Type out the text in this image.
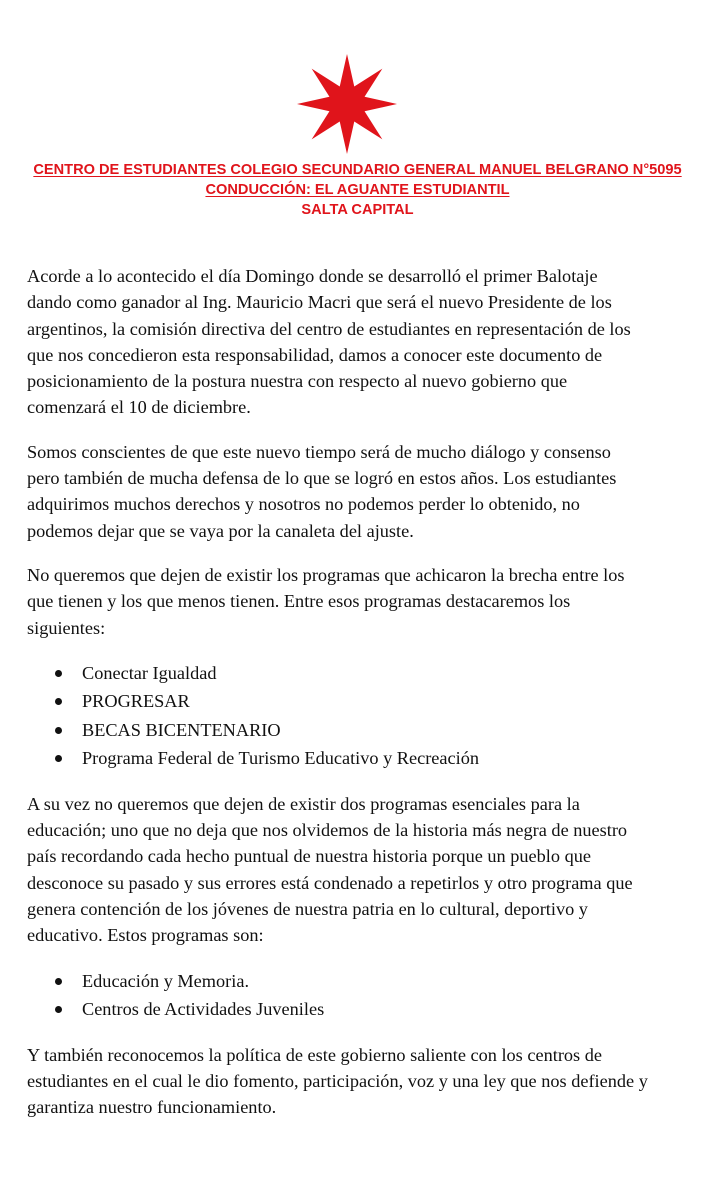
CENTRO DE ESTUDIANTES COLEGIO SECUNDARIO GENERAL MANUEL BELGRANO N°5095
CONDUCCIÓN: EL AGUANTE ESTUDIANTIL
SALTA CAPITAL

Acorde a lo acontecido el día Domingo donde se desarrolló el primer Balotaje
dando como ganador al Ing. Mauricio Macri que será el nuevo Presidente de los
argentinos, la comisión directiva del centro de estudiantes en representación de los
que nos concedieron esta responsabilidad, damos a conocer este documento de
posicionamiento de la postura nuestra con respecto al nuevo gobierno que
comenzará el 10 de diciembre.

Somos conscientes de que este nuevo tiempo será de mucho diálogo y consenso
pero también de mucha defensa de lo que se logró en estos años. Los estudiantes
adquirimos muchos derechos y nosotros no podemos perder lo obtenido, no
podemos dejar que se vaya por la canaleta del ajuste.

No queremos que dejen de existir los programas que achicaron la brecha entre los
que tienen y los que menos tienen. Entre esos programas destacaremos los
siguientes:

Conectar Igualdad
PROGRESAR
BECAS BICENTENARIO
Programa Federal de Turismo Educativo y Recreación

A su vez no queremos que dejen de existir dos programas esenciales para la
educación; uno que no deja que nos olvidemos de la historia más negra de nuestro
país recordando cada hecho puntual de nuestra historia porque un pueblo que
desconoce su pasado y sus errores está condenado a repetirlos y otro programa que
genera contención de los jóvenes de nuestra patria en lo cultural, deportivo y
educativo. Estos programas son:

Educación y Memoria.
Centros de Actividades Juveniles

Y también reconocemos la política de este gobierno saliente con los centros de
estudiantes en el cual le dio fomento, participación, voz y una ley que nos defiende y
garantiza nuestro funcionamiento.
